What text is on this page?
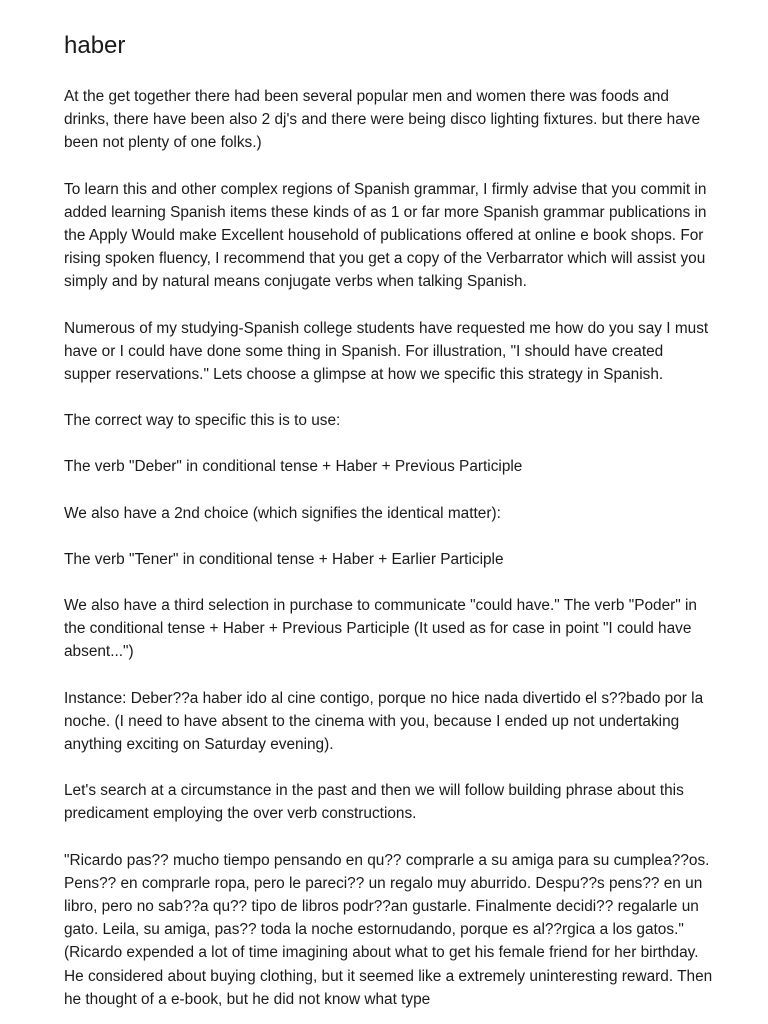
haber

At the get together there had been several popular men and women there was foods and drinks, there have been also 2 dj's and there were being disco lighting fixtures. but there have been not plenty of one folks.)

To learn this and other complex regions of Spanish grammar, I firmly advise that you commit in added learning Spanish items these kinds of as 1 or far more Spanish grammar publications in the Apply Would make Excellent household of publications offered at online e book shops. For rising spoken fluency, I recommend that you get a copy of the Verbarrator which will assist you simply and by natural means conjugate verbs when talking Spanish.

Numerous of my studying-Spanish college students have requested me how do you say I must have or I could have done some thing in Spanish. For illustration, "I should have created supper reservations." Lets choose a glimpse at how we specific this strategy in Spanish.

The correct way to specific this is to use:

The verb "Deber" in conditional tense + Haber + Previous Participle

We also have a 2nd choice (which signifies the identical matter):

The verb "Tener" in conditional tense + Haber + Earlier Participle

We also have a third selection in purchase to communicate "could have." The verb "Poder" in the conditional tense + Haber + Previous Participle (It used as for case in point "I could have absent...")

Instance: Deber??a haber ido al cine contigo, porque no hice nada divertido el s??bado por la noche. (I need to have absent to the cinema with you, because I ended up not undertaking anything exciting on Saturday evening).

Let's search at a circumstance in the past and then we will follow building phrase about this predicament employing the over verb constructions.

"Ricardo pas?? mucho tiempo pensando en qu?? comprarle a su amiga para su cumplea??os. Pens?? en comprarle ropa, pero le pareci?? un regalo muy aburrido. Despu??s pens?? en un libro, pero no sab??a qu?? tipo de libros podr??an gustarle. Finalmente decidi?? regalarle un gato. Leila, su amiga, pas?? toda la noche estornudando, porque es al??rgica a los gatos." (Ricardo expended a lot of time imagining about what to get his female friend for her birthday. He considered about buying clothing, but it seemed like a extremely uninteresting reward. Then he thought of a e-book, but he did not know what type
